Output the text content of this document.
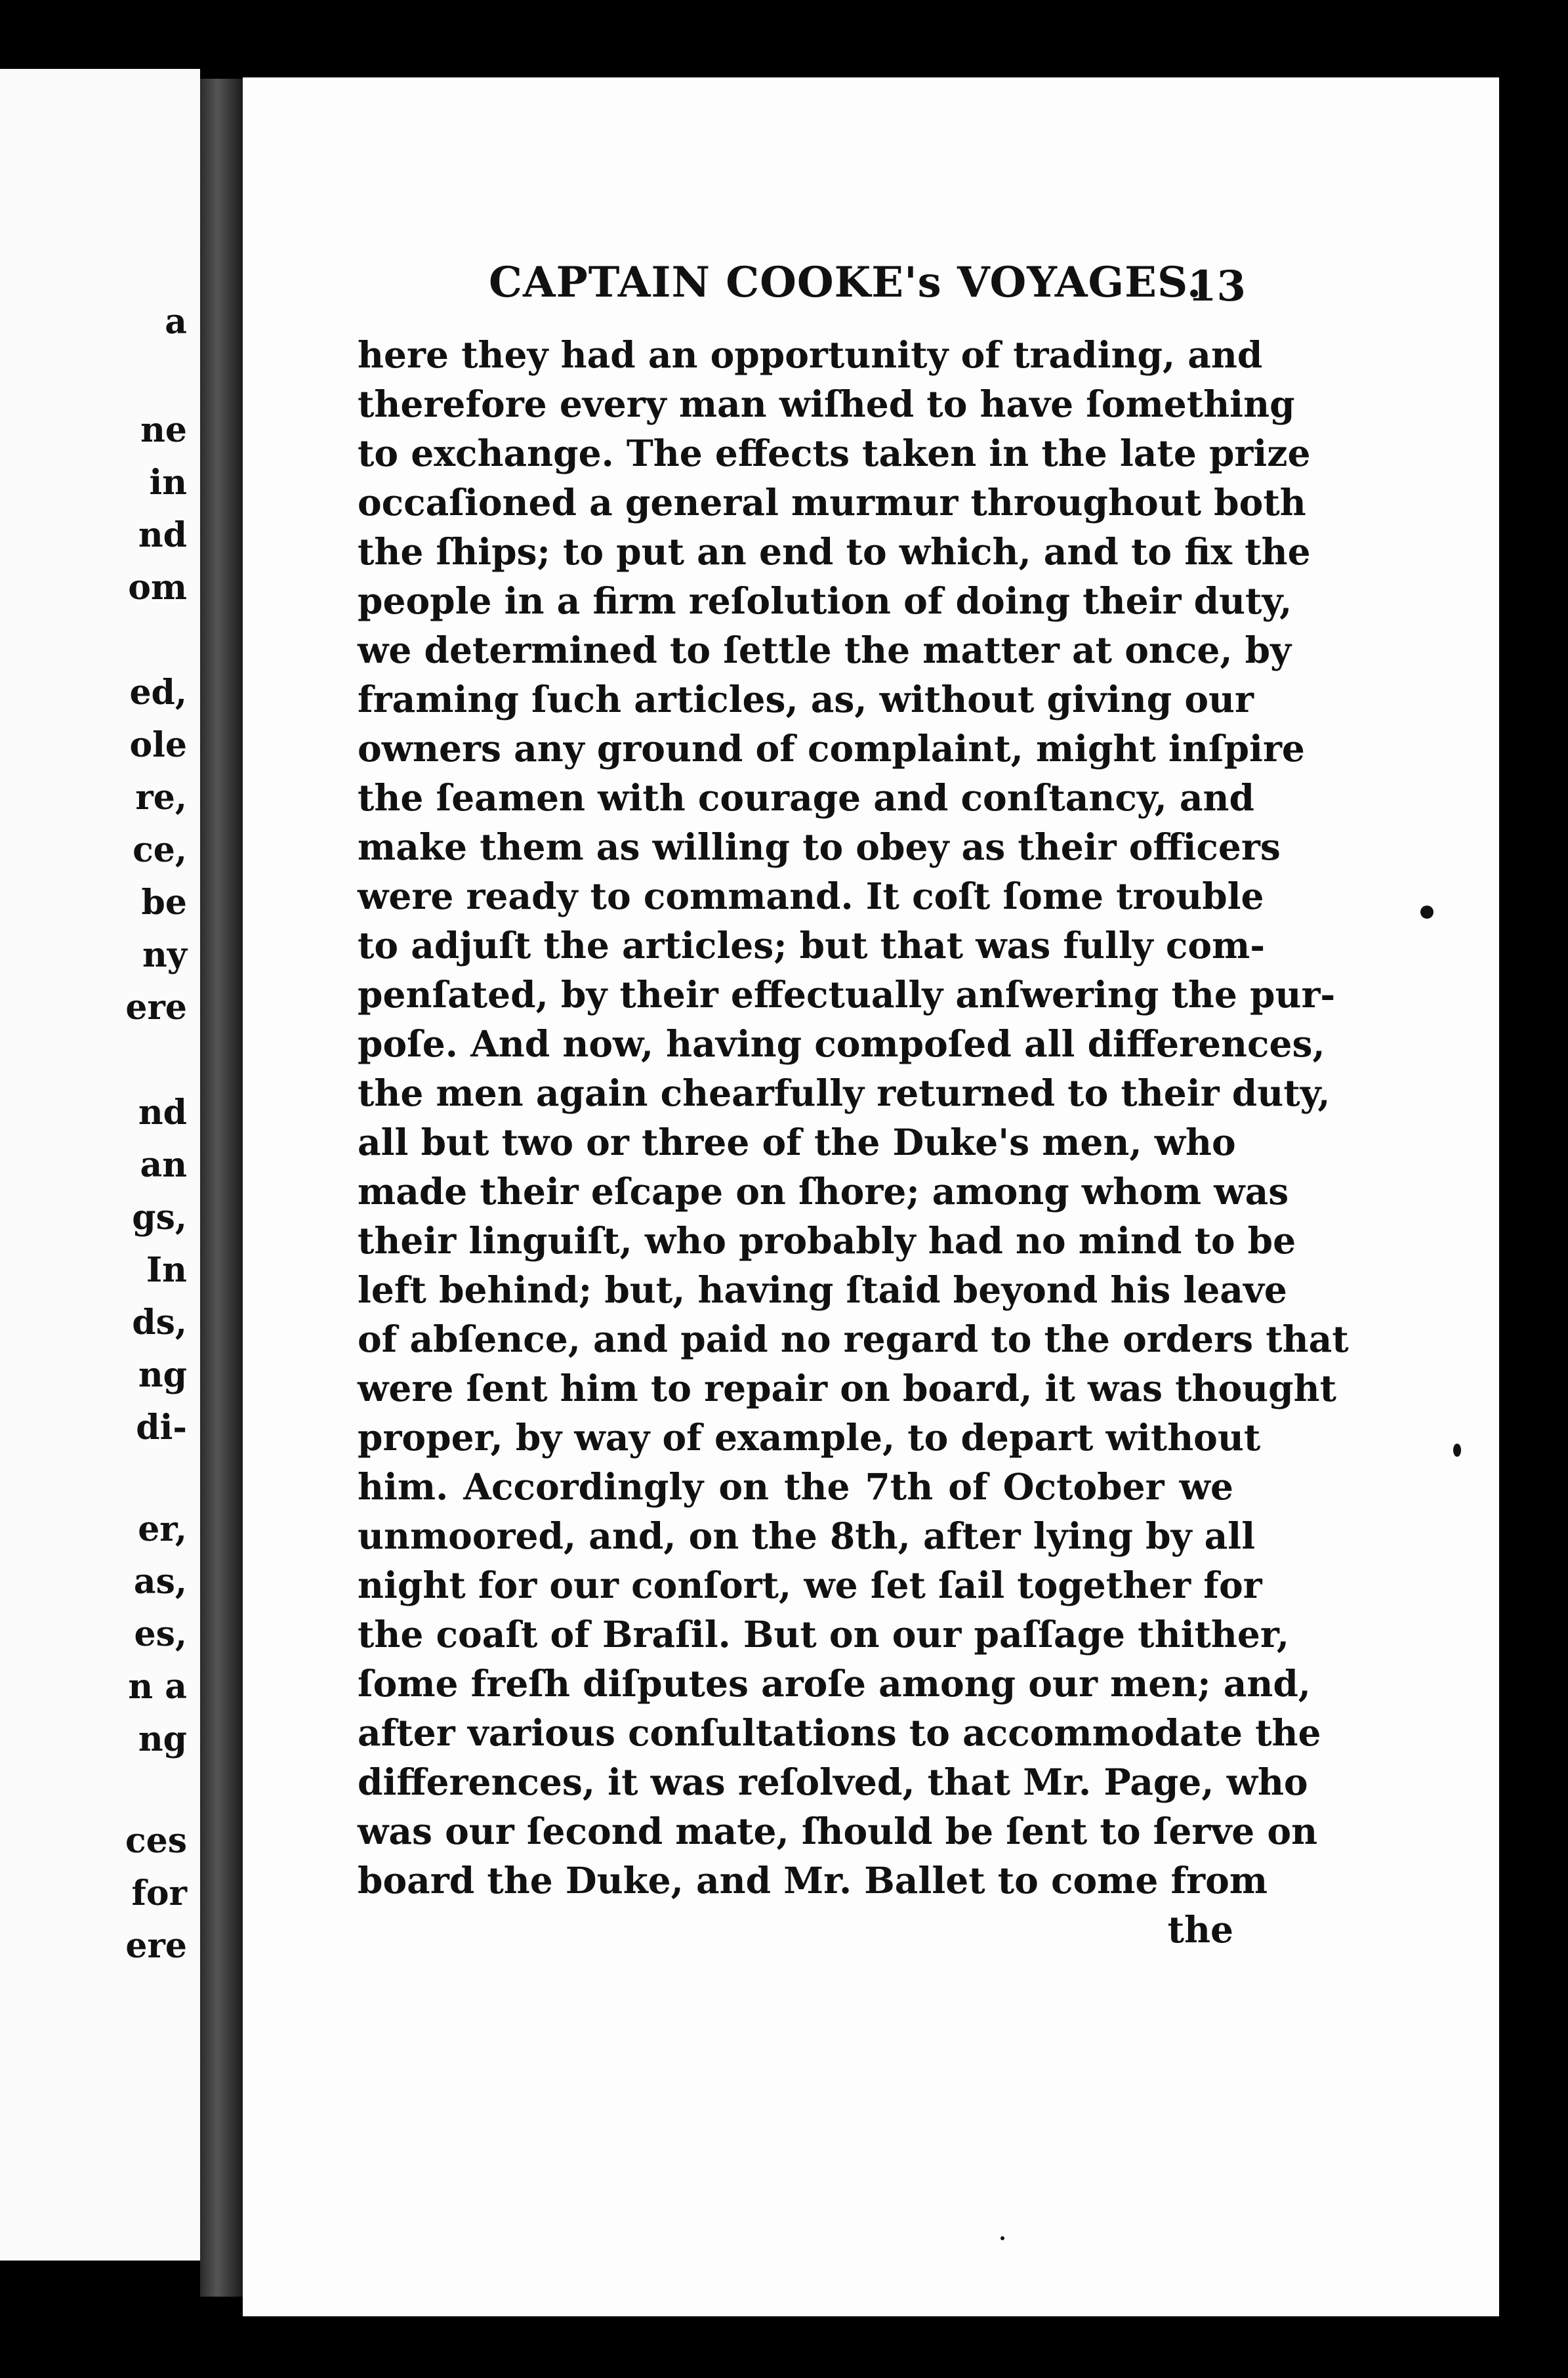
a
ne
in
nd
om
ed,
ole
re,
ce,
be
ny
ere
nd
an
gs,
In
ds,
ng
di-
er,
as,
es,
n a
ng
ces
for
ere
CAPTAIN COOKE's VOYAGES.
13
here they had an opportunity of trading, and
therefore every man wiſhed to have ſomething
to exchange. The effects taken in the late prize
occaſioned a general murmur throughout both
the ſhips; to put an end to which, and to fix the
people in a firm reſolution of doing their duty,
we determined to ſettle the matter at once, by
framing ſuch articles, as, without giving our
owners any ground of complaint, might inſpire
the ſeamen with courage and conſtancy, and
make them as willing to obey as their officers
were ready to command. It coſt ſome trouble
to adjuſt the articles; but that was fully com-
penſated, by their effectually anſwering the pur-
poſe. And now, having compoſed all differences,
the men again chearfully returned to their duty,
all but two or three of the Duke's men, who
made their eſcape on ſhore; among whom was
their linguiſt, who probably had no mind to be
left behind; but, having ſtaid beyond his leave
of abſence, and paid no regard to the orders that
were ſent him to repair on board, it was thought
proper, by way of example, to depart without
him. Accordingly on the 7th of October we
unmoored, and, on the 8th, after lying by all
night for our conſort, we ſet ſail together for
the coaſt of Braſil. But on our paſſage thither,
ſome freſh diſputes aroſe among our men; and,
after various conſultations to accommodate the
differences, it was reſolved, that Mr. Page, who
was our ſecond mate, ſhould be ſent to ſerve on
board the Duke, and Mr. Ballet to come from
the
